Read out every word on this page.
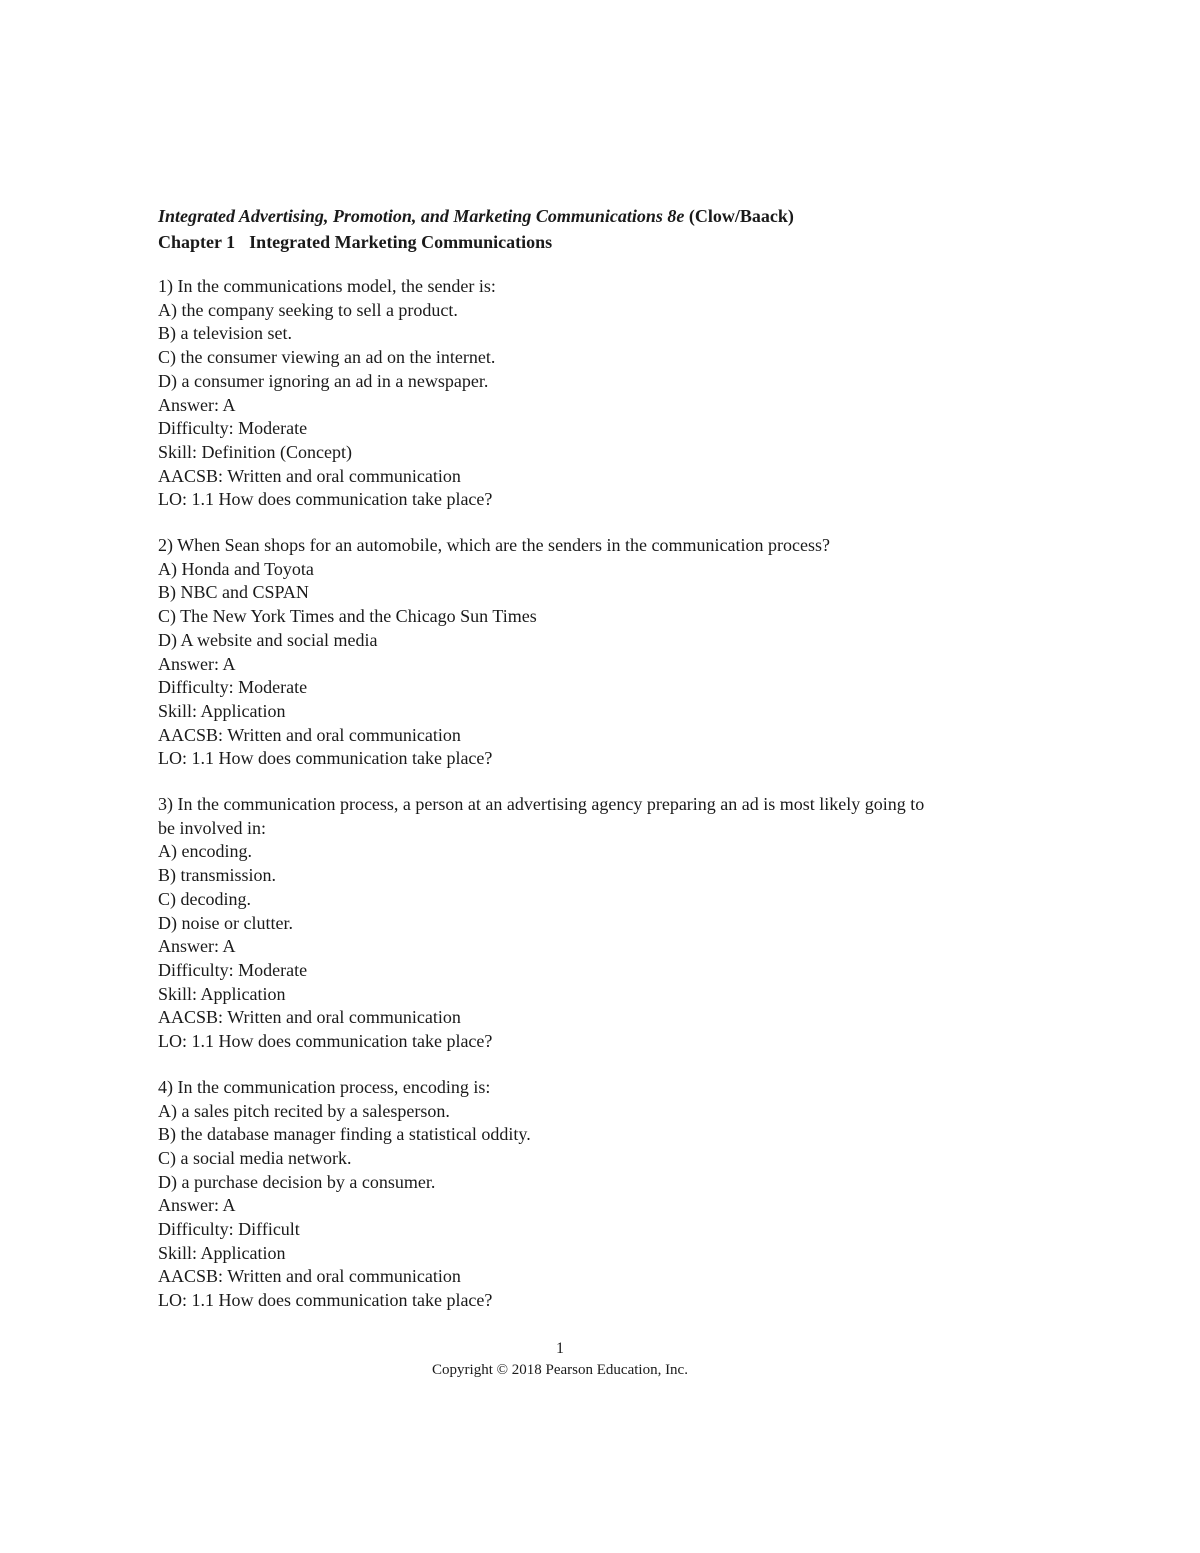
Integrated Advertising, Promotion, and Marketing Communications 8e (Clow/Baack)
Chapter 1 Integrated Marketing Communications
1) In the communications model, the sender is:
A) the company seeking to sell a product.
B) a television set.
C) the consumer viewing an ad on the internet.
D) a consumer ignoring an ad in a newspaper.
Answer: A
Difficulty: Moderate
Skill: Definition (Concept)
AACSB: Written and oral communication
LO: 1.1 How does communication take place?
2) When Sean shops for an automobile, which are the senders in the communication process?
A) Honda and Toyota
B) NBC and CSPAN
C) The New York Times and the Chicago Sun Times
D) A website and social media
Answer: A
Difficulty: Moderate
Skill: Application
AACSB: Written and oral communication
LO: 1.1 How does communication take place?
3) In the communication process, a person at an advertising agency preparing an ad is most likely going to be involved in:
A) encoding.
B) transmission.
C) decoding.
D) noise or clutter.
Answer: A
Difficulty: Moderate
Skill: Application
AACSB: Written and oral communication
LO: 1.1 How does communication take place?
4) In the communication process, encoding is:
A) a sales pitch recited by a salesperson.
B) the database manager finding a statistical oddity.
C) a social media network.
D) a purchase decision by a consumer.
Answer: A
Difficulty: Difficult
Skill: Application
AACSB: Written and oral communication
LO: 1.1 How does communication take place?
1
Copyright © 2018 Pearson Education, Inc.
